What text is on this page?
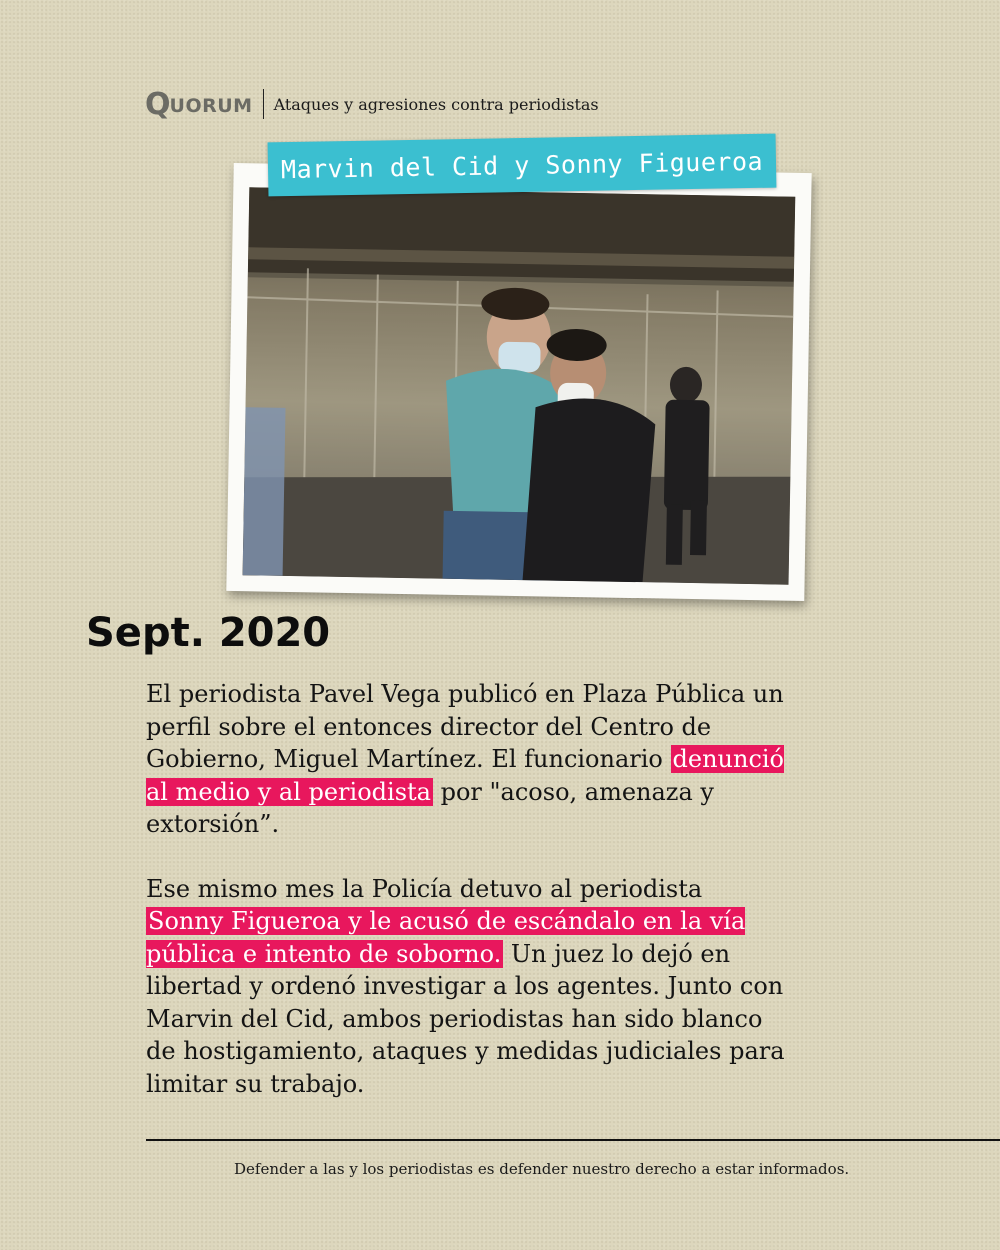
Q UORUM Ataques y agresiones contra periodistas
Marvin del Cid y Sonny Figueroa
Sept. 2020

El periodista Pavel Vega publicó en Plaza Pública un perfil sobre el entonces director del Centro de Gobierno, Miguel Martínez. El funcionario denunció al medio y al periodista por "acoso, amenaza y extorsión”.

Ese mismo mes la Policía detuvo al periodista Sonny Figueroa y le acusó de escándalo en la vía pública e intento de soborno. Un juez lo dejó en libertad y ordenó investigar a los agentes. Junto con Marvin del Cid, ambos periodistas han sido blanco de hostigamiento, ataques y medidas judiciales para limitar su trabajo.

Defender a las y los periodistas es defender nuestro derecho a estar informados.
